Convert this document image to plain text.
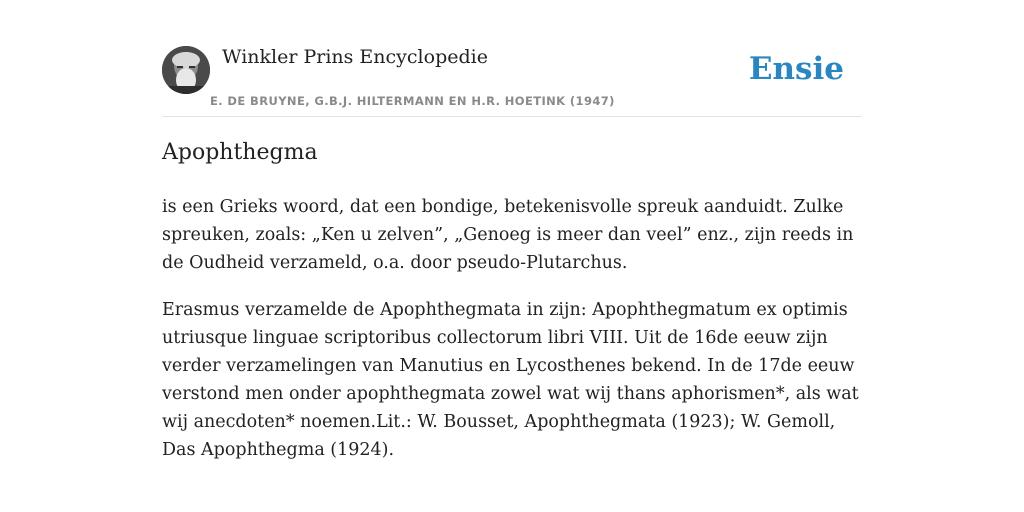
Winkler Prins Encyclopedie
E. DE BRUYNE, G.B.J. HILTERMANN EN H.R. HOETINK (1947)
Ensie
Apophthegma

is een Grieks woord, dat een bondige, betekenisvolle spreuk aanduidt. Zulke spreuken, zoals: „Ken u zelven”, „Genoeg is meer dan veel” enz., zijn reeds in de Oudheid verzameld, o.a. door pseudo-Plutarchus.

Erasmus verzamelde de Apophthegmata in zijn: Apophthegmatum ex optimis utriusque linguae scriptoribus collectorum libri VIII. Uit de 16de eeuw zijn verder verzamelingen van Manutius en Lycosthenes bekend. In de 17de eeuw verstond men onder apophthegmata zowel wat wij thans aphorismen*, als wat wij anecdoten* noemen.Lit.: W. Bousset, Apophthegmata (1923); W. Gemoll, Das Apophthegma (1924).
